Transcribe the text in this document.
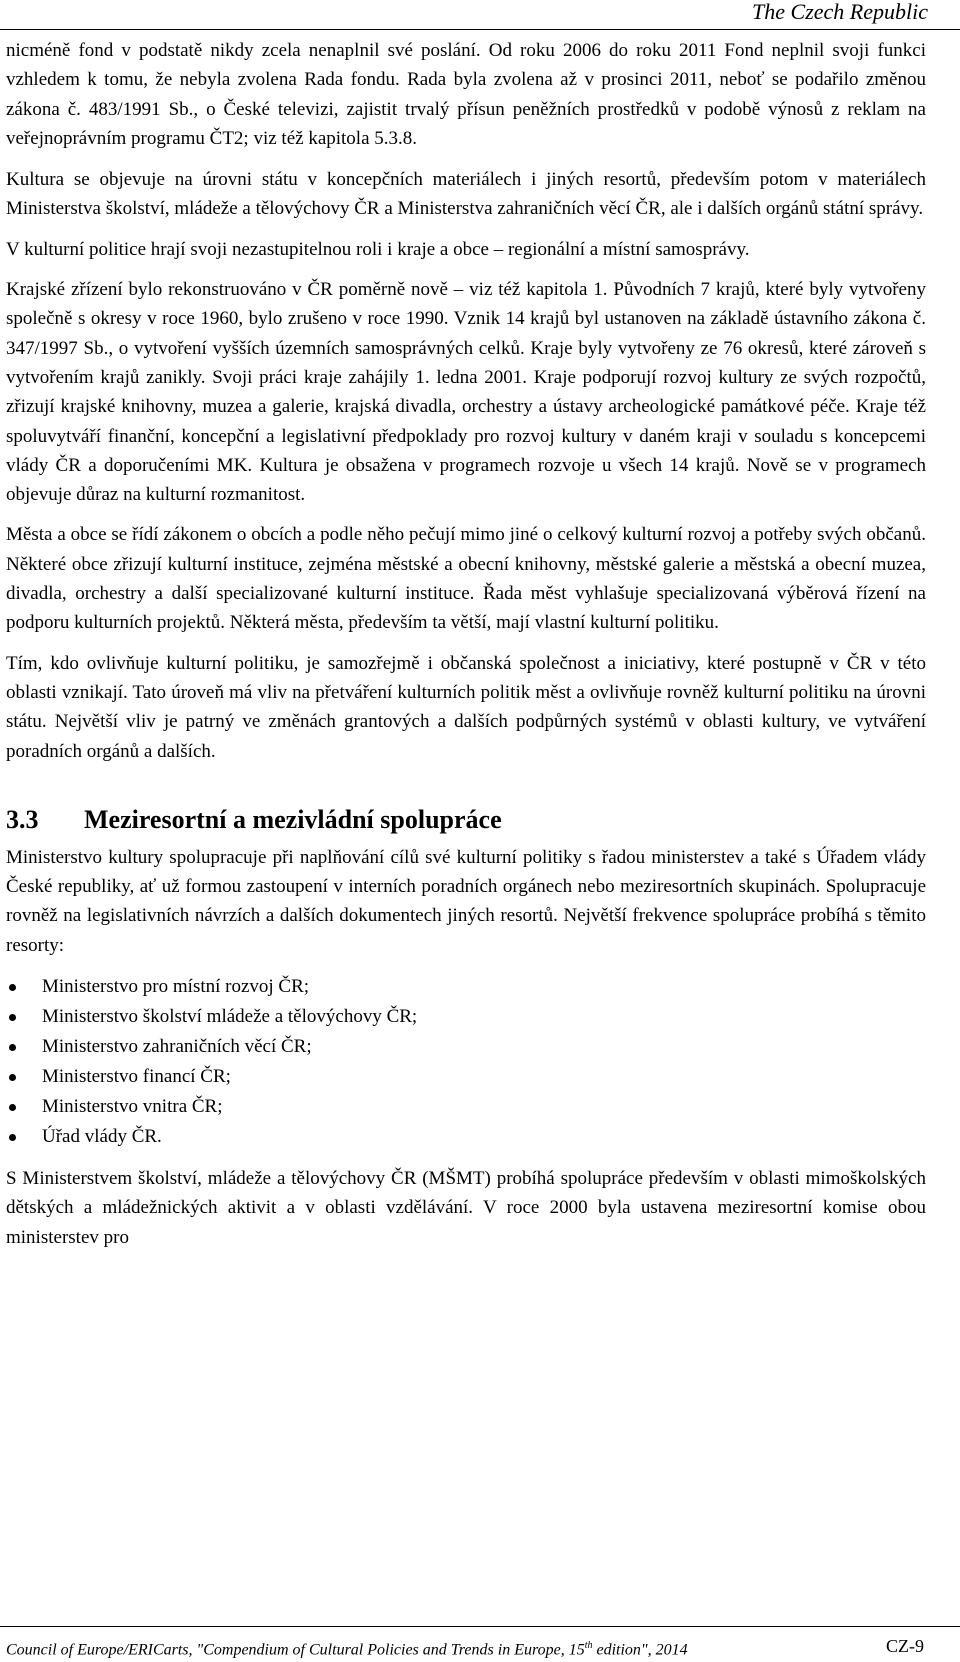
The Czech Republic

nicméně fond v podstatě nikdy zcela nenaplnil své poslání. Od roku 2006 do roku 2011 Fond neplnil svoji funkci vzhledem k tomu, že nebyla zvolena Rada fondu. Rada byla zvolena až v prosinci 2011, neboť se podařilo změnou zákona č. 483/1991 Sb., o České televizi, zajistit trvalý přísun peněžních prostředků v podobě výnosů z reklam na veřejnoprávním programu ČT2; viz též kapitola 5.3.8.

Kultura se objevuje na úrovni státu v koncepčních materiálech i jiných resortů, především potom v materiálech Ministerstva školství, mládeže a tělovýchovy ČR a Ministerstva zahraničních věcí ČR, ale i dalších orgánů státní správy.

V kulturní politice hrají svoji nezastupitelnou roli i kraje a obce – regionální a místní samosprávy.

Krajské zřízení bylo rekonstruováno v ČR poměrně nově – viz též kapitola 1. Původních 7 krajů, které byly vytvořeny společně s okresy v roce 1960, bylo zrušeno v roce 1990. Vznik 14 krajů byl ustanoven na základě ústavního zákona č. 347/1997 Sb., o vytvoření vyšších územních samosprávných celků. Kraje byly vytvořeny ze 76 okresů, které zároveň s vytvořením krajů zanikly. Svoji práci kraje zahájily 1. ledna 2001. Kraje podporují rozvoj kultury ze svých rozpočtů, zřizují krajské knihovny, muzea a galerie, krajská divadla, orchestry a ústavy archeologické památkové péče. Kraje též spoluvytváří finanční, koncepční a legislativní předpoklady pro rozvoj kultury v daném kraji v souladu s koncepcemi vlády ČR a doporučeními MK. Kultura je obsažena v programech rozvoje u všech 14 krajů. Nově se v programech objevuje důraz na kulturní rozmanitost.

Města a obce se řídí zákonem o obcích a podle něho pečují mimo jiné o celkový kulturní rozvoj a potřeby svých občanů. Některé obce zřizují kulturní instituce, zejména městské a obecní knihovny, městské galerie a městská a obecní muzea, divadla, orchestry a další specializované kulturní instituce. Řada měst vyhlašuje specializovaná výběrová řízení na podporu kulturních projektů. Některá města, především ta větší, mají vlastní kulturní politiku.

Tím, kdo ovlivňuje kulturní politiku, je samozřejmě i občanská společnost a iniciativy, které postupně v ČR v této oblasti vznikají. Tato úroveň má vliv na přetváření kulturních politik měst a ovlivňuje rovněž kulturní politiku na úrovni státu. Největší vliv je patrný ve změnách grantových a dalších podpůrných systémů v oblasti kultury, ve vytváření poradních orgánů a dalších.

3.3	Meziresortní a mezivládní spolupráce

Ministerstvo kultury spolupracuje při naplňování cílů své kulturní politiky s řadou ministerstev a také s Úřadem vlády České republiky, ať už formou zastoupení v interních poradních orgánech nebo meziresortních skupinách. Spolupracuje rovněž na legislativních návrzích a dalších dokumentech jiných resortů. Největší frekvence spolupráce probíhá s těmito resorty:

Ministerstvo pro místní rozvoj ČR;
Ministerstvo školství mládeže a tělovýchovy ČR;
Ministerstvo zahraničních věcí ČR;
Ministerstvo financí ČR;
Ministerstvo vnitra ČR;
Úřad vlády ČR.

S Ministerstvem školství, mládeže a tělovýchovy ČR (MŠMT) probíhá spolupráce především v oblasti mimoškolských dětských a mládežnických aktivit a v oblasti vzdělávání. V roce 2000 byla ustavena meziresortní komise obou ministerstev pro

Council of Europe/ERICarts, "Compendium of Cultural Policies and Trends in Europe, 15th edition", 2014	CZ-9
